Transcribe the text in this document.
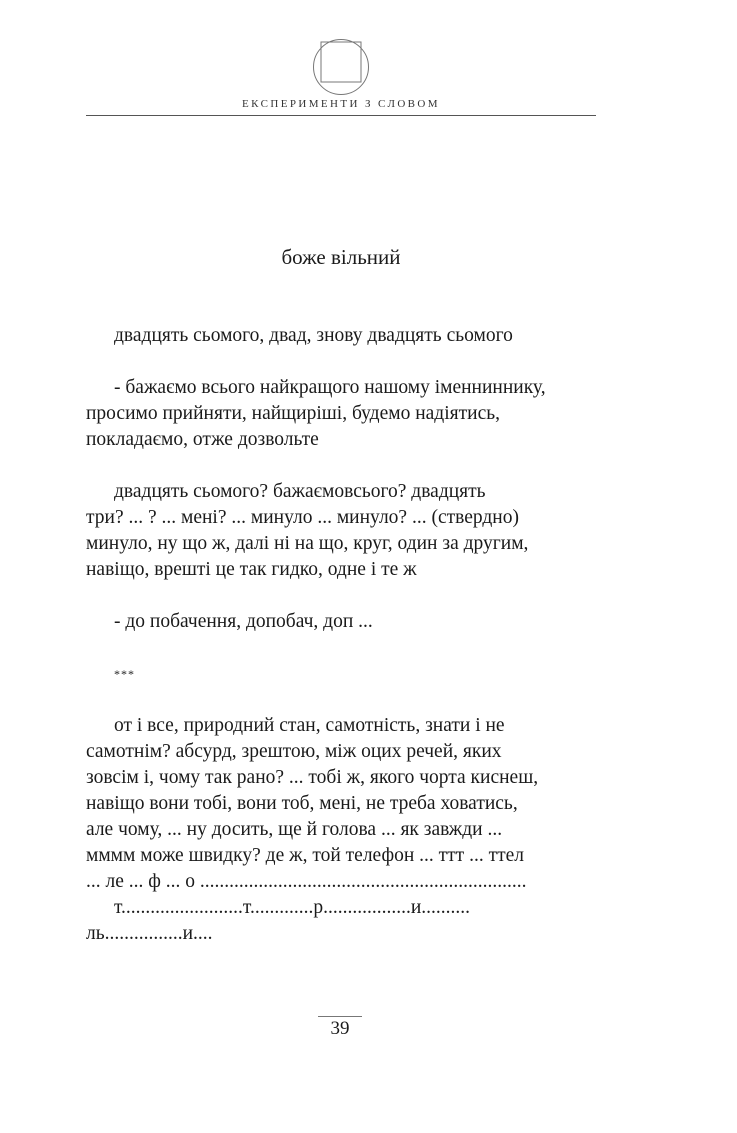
ЕКСПЕРИМЕНТИ З СЛОВОМ
боже вільний

двадцять сьомого, двад, знову двадцять сьомого

- бажаємо всього найкращого нашому іменниннику,

просимо прийняти, найщиріші, будемо надіятись,
покладаємо, отже дозвольте

двадцять сьомого? бажаємовсього? двадцять

три? ... ? ... мені? ... минуло ... минуло? ... (ствердно)
минуло, ну що ж, далі ні на що, круг, один за другим,
навіщо, врешті це так гидко, одне і те ж

- до побачення, допобач, доп ...

***

от і все, природний стан, самотність, знати і не

самотнім? абсурд, зрештою, між оцих речей, яких
зовсім і, чому так рано? ... тобі ж, якого чорта киснеш,
навіщо вони тобі, вони тоб, мені, не треба ховатись,
але чому, ... ну досить, ще й голова ... як завжди ...
мммм може швидку? де ж, той телефон ... ттт ... ттел
... ле ... ф ... о ...................................................................

т.........................т.............р..................и..........

ль................и....
39
